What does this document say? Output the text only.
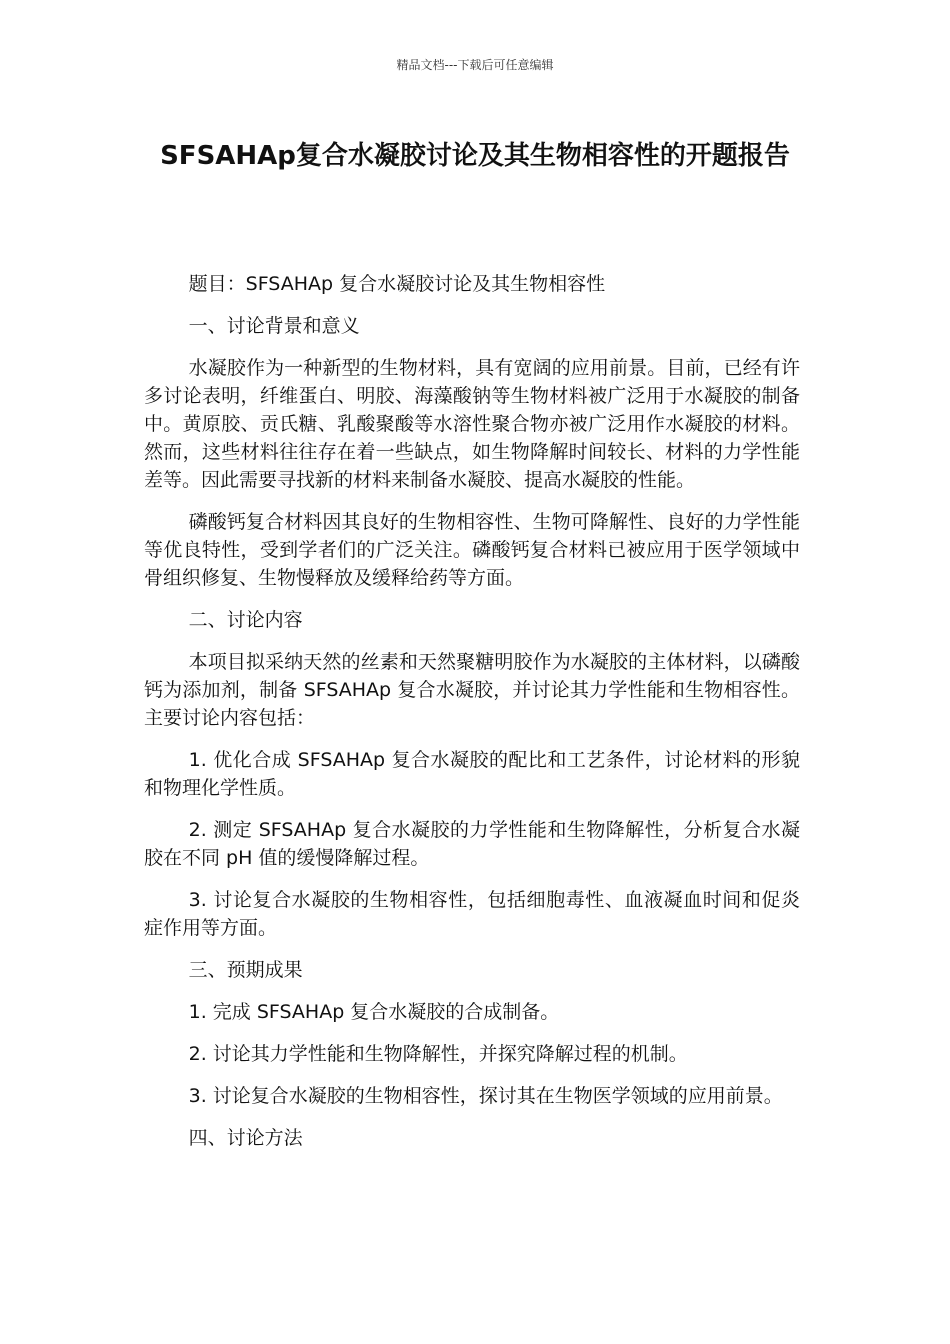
精品文档---下载后可任意编辑
SFSAHAp复合水凝胶讨论及其生物相容性的开题报告

题目：SFSAHAp 复合水凝胶讨论及其生物相容性

一、讨论背景和意义

水凝胶作为一种新型的生物材料，具有宽阔的应用前景。目前，已经有许多讨论表明，纤维蛋白、明胶、海藻酸钠等生物材料被广泛用于水凝胶的制备中。黄原胶、贡氏糖、乳酸聚酸等水溶性聚合物亦被广泛用作水凝胶的材料。然而，这些材料往往存在着一些缺点，如生物降解时间较长、材料的力学性能差等。因此需要寻找新的材料来制备水凝胶、提高水凝胶的性能。

磷酸钙复合材料因其良好的生物相容性、生物可降解性、良好的力学性能等优良特性，受到学者们的广泛关注。磷酸钙复合材料已被应用于医学领域中骨组织修复、生物慢释放及缓释给药等方面。

二、讨论内容

本项目拟采纳天然的丝素和天然聚糖明胶作为水凝胶的主体材料，以磷酸钙为添加剂，制备 SFSAHAp 复合水凝胶，并讨论其力学性能和生物相容性。主要讨论内容包括：

1. 优化合成 SFSAHAp 复合水凝胶的配比和工艺条件，讨论材料的形貌和物理化学性质。

2. 测定 SFSAHAp 复合水凝胶的力学性能和生物降解性，分析复合水凝胶在不同 pH 值的缓慢降解过程。

3. 讨论复合水凝胶的生物相容性，包括细胞毒性、血液凝血时间和促炎症作用等方面。

三、预期成果

1. 完成 SFSAHAp 复合水凝胶的合成制备。

2. 讨论其力学性能和生物降解性，并探究降解过程的机制。

3. 讨论复合水凝胶的生物相容性，探讨其在生物医学领域的应用前景。

四、讨论方法
